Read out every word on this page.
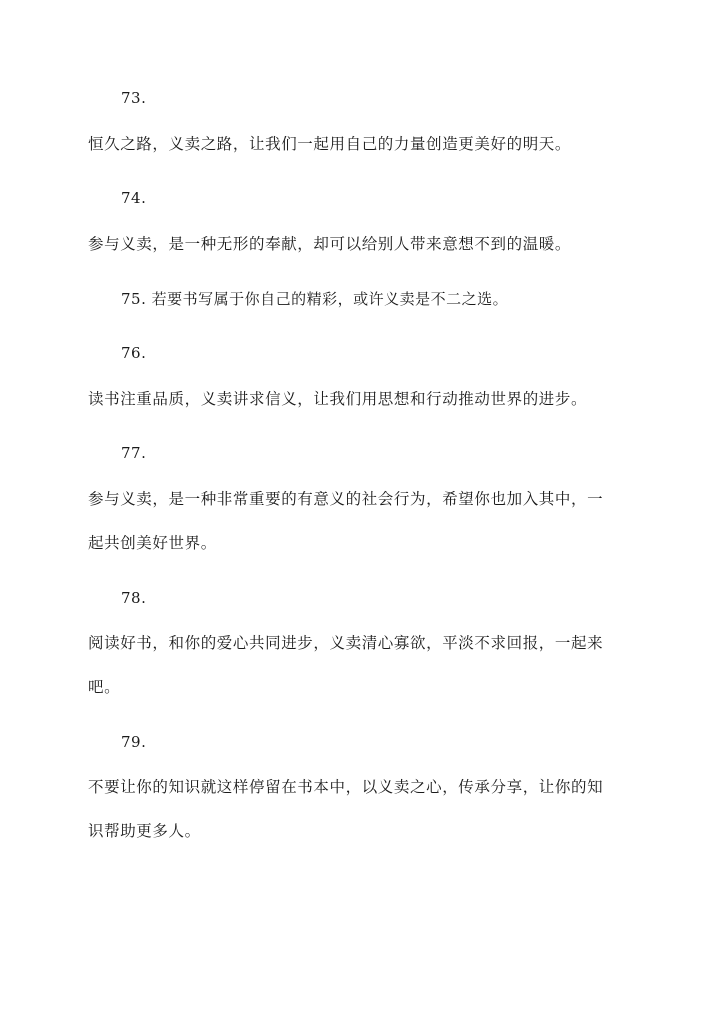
73.
恒久之路，义卖之路，让我们一起用自己的力量创造更美好的明天。
74.
参与义卖，是一种无形的奉献，却可以给别人带来意想不到的温暖。
75. 若要书写属于你自己的精彩，或许义卖是不二之选。
76.
读书注重品质，义卖讲求信义，让我们用思想和行动推动世界的进步。
77.
参与义卖，是一种非常重要的有意义的社会行为，希望你也加入其中，一
起共创美好世界。
78.
阅读好书，和你的爱心共同进步，义卖清心寡欲，平淡不求回报，一起来
吧。
79.
不要让你的知识就这样停留在书本中，以义卖之心，传承分享，让你的知
识帮助更多人。
